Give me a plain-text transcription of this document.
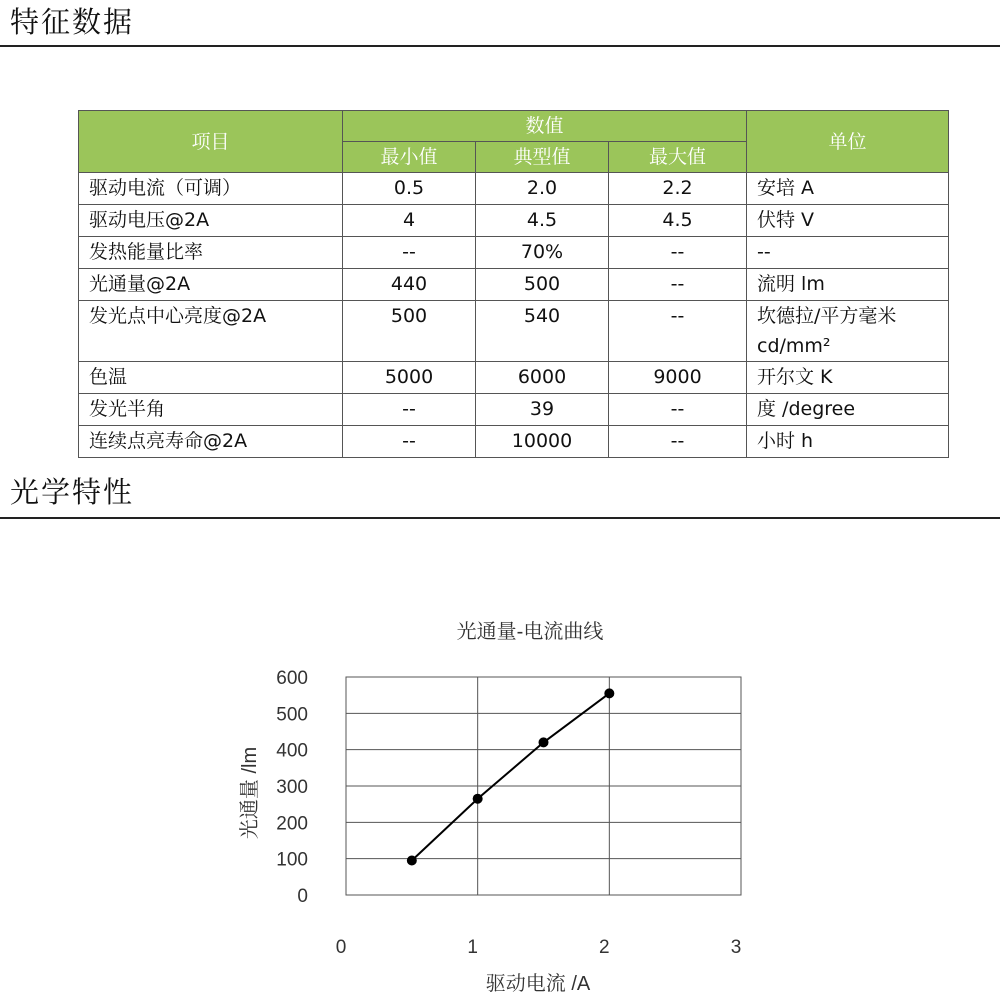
特征数据
项目	数值			单位
	最小值	典型值	最大值	
驱动电流（可调）	0.5	2.0	2.2	安培 A
驱动电压@2A	4	4.5	4.5	伏特 V
发热能量比率	--	70%	--	--
光通量@2A	440	500	--	流明 lm
发光点中心亮度@2A	500	540	--	坎德拉/平方毫米
cd/mm²

色温	5000	6000	9000	开尔文 K
发光半角	--	39	--	度 /degree
连续点亮寿命@2A	--	10000	--	小时 h
光学特性
光通量-电流曲线
0
100
200
300
400
500
600
0	1	2	3
驱动电流 /A
光通量 /lm
